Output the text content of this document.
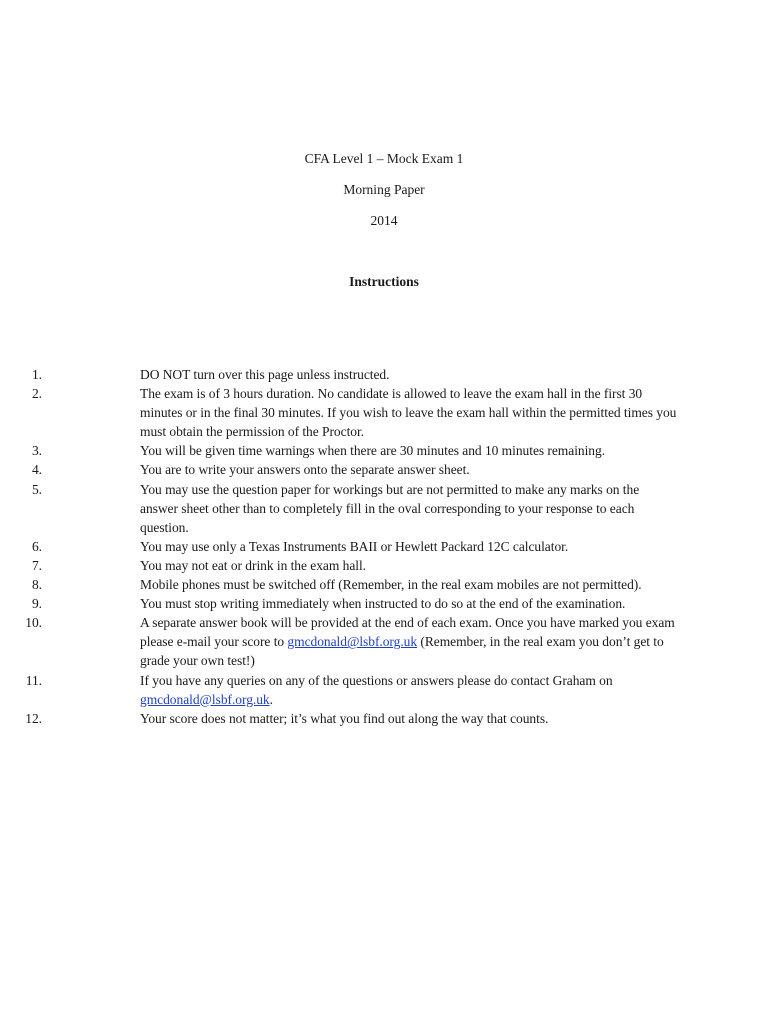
CFA Level 1 – Mock Exam 1
Morning Paper
2014
Instructions
1.	DO NOT turn over this page unless instructed.
2.	The exam is of 3 hours duration. No candidate is allowed to leave the exam hall in the first 30 minutes or in the final 30 minutes. If you wish to leave the exam hall within the permitted times you must obtain the permission of the Proctor.
3.	You will be given time warnings when there are 30 minutes and 10 minutes remaining.
4.	You are to write your answers onto the separate answer sheet.
5.	You may use the question paper for workings but are not permitted to make any marks on the answer sheet other than to completely fill in the oval corresponding to your response to each question.
6.	You may use only a Texas Instruments BAII or Hewlett Packard 12C calculator.
7.	You may not eat or drink in the exam hall.
8.	Mobile phones must be switched off (Remember, in the real exam mobiles are not permitted).
9.	You must stop writing immediately when instructed to do so at the end of the examination.
10.	A separate answer book will be provided at the end of each exam. Once you have marked you exam please e-mail your score to gmcdonald@lsbf.org.uk (Remember, in the real exam you don’t get to grade your own test!)
11.	If you have any queries on any of the questions or answers please do contact Graham on gmcdonald@lsbf.org.uk.
12.	Your score does not matter; it’s what you find out along the way that counts.
